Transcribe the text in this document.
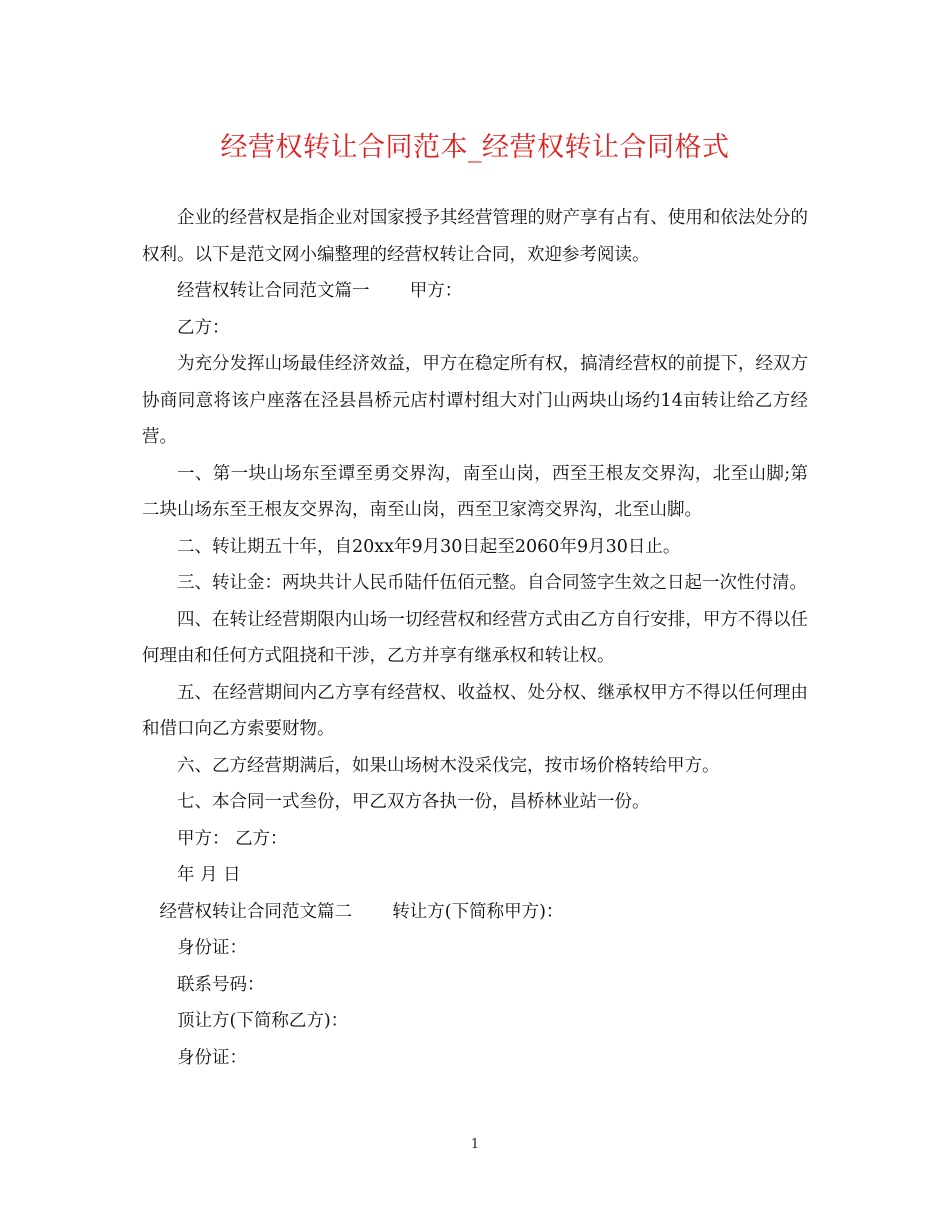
经营权转让合同范本_经营权转让合同格式

企业的经营权是指企业对国家授予其经营管理的财产享有占有、使用和依法处分的权利。以下是范文网小编整理的经营权转让合同，欢迎参考阅读。

经营权转让合同范文篇一 甲方：

乙方：

为充分发挥山场最佳经济效益，甲方在稳定所有权，搞清经营权的前提下，经双方协商同意将该户座落在泾县昌桥元店村谭村组大对门山两块山场约14亩转让给乙方经营。

一、第一块山场东至谭至勇交界沟，南至山岗，西至王根友交界沟，北至山脚;第二块山场东至王根友交界沟，南至山岗，西至卫家湾交界沟，北至山脚。

二、转让期五十年，自20xx年9月30日起至2060年9月30日止。

三、转让金：两块共计人民币陆仟伍佰元整。自合同签字生效之日起一次性付清。

四、在转让经营期限内山场一切经营权和经营方式由乙方自行安排，甲方不得以任何理由和任何方式阻挠和干涉，乙方并享有继承权和转让权。

五、在经营期间内乙方享有经营权、收益权、处分权、继承权甲方不得以任何理由和借口向乙方索要财物。

六、乙方经营期满后，如果山场树木没采伐完，按市场价格转给甲方。

七、本合同一式叁份，甲乙双方各执一份，昌桥林业站一份。

甲方： 乙方：

年 月 日

经营权转让合同范文篇二 转让方(下简称甲方)：

身份证：

联系号码：

顶让方(下简称乙方)：

身份证：

1
